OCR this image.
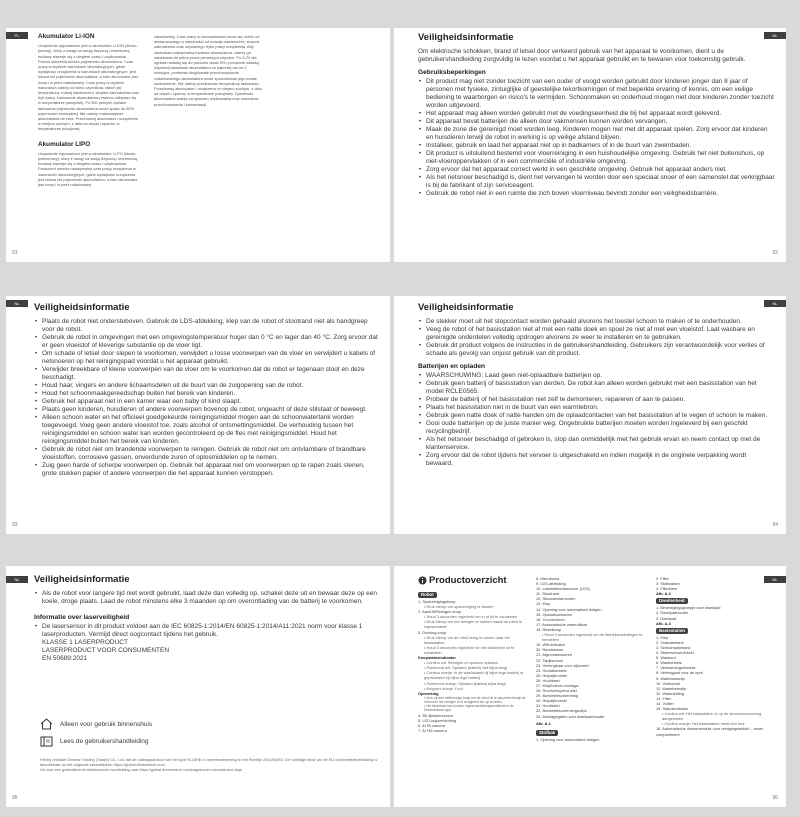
PL	Akumulator Li-ION
Urządzenie wyposażone jest w akumulator Li-ION (litowo-jonowy), który z uwagi na swoją fizyczną i chemiczną budowę starzeje się z biegiem czasu i użytkowania. Proces starzenia obniża pojemność akumulatora. Czas pracy w ciężkich warunkach laboratoryjnych, gdzie wydajność urządzenia w warunkach laboratoryjnych, jest niższa niż pojemność akumulatora, a sam akumulator jest nowy i w pełni naładowany. Czas pracy w ciężkich warunkach zależy od wielu czynników, takich jak temperatura, rodzaj nawierzchni, stopień zabrudzenia oraz tryb pracy. Ładowanie akumulatora powinno odbywać się w temperaturze pokojowej. Po 500 pełnych cyklach ładowania pojemność akumulatora może spaść do 50% pojemności nominalnej. Nie należy rozładowywać akumulatora do zera. Przechowuj akumulator i urządzenie w miejscu suchym, z dala od ciepła i oparów, w temperaturze pokojowej.
Akumulator LIPO
Urządzenie wyposażone jest w akumulator Li-PO (litowo-polimerowy), który z uwagi na swoją fizyczną i chemiczną budowę starzeje się z biegiem czasu i użytkowania. Producent określa maksymalny czas pracy urządzenia w warunkach laboratoryjnych, gdzie wydajność urządzenia jest niższa niż pojemność akumulatora, a sam akumulator jest nowy i w pełni naładowany.
naładowany. Czas pracy w rzeczywistości może się różnić od deklarowanego w zależności od rodzaju nawierzchni, stopnia zabrudzenia oraz używanego trybu pracy urządzenia. Aby zachować maksymalną trwałość akumulatora, należy go naładować do pełna przed pierwszym użyciem. Po 3,2V dla ogniwa rozładuj się do poziomu około 5% i ponownie naładuj. Zapewnij ładowanie akumulatora co najmniej raz na 3 miesiące, ponieważ długotrwałe przechowywanie rozładowanego akumulatora może spowodować jego trwałe uszkodzenie. Nie należy przekraczać temperatury ładowania. Przechowuj akumulator i urządzenie w miejscu suchym, z dala od ciepła i oparów, w temperaturze pokojowej. Żywotność akumulatora zależy od sposobu użytkowania oraz warunków przechowywania i konserwacji.
91
NL
Veiligheidsinformatie

Om elektrische schokken, brand of letsel door verkeerd gebruik van het apparaat te voorkomen, dient u de gebruikershandleiding zorgvuldig te lezen voordat u het apparaat gebruikt en te bewaren voor toekomstig gebruik.

Gebruiksbeperkingen
• Dit product mag niet zonder toezicht van een ouder of voogd worden gebruikt door kinderen jonger dan 8 jaar of personen met fysieke, zintuiglijke of geestelijke tekortkomingen of met beperkte ervaring of kennis, om een veilige bediening te waarborgen en risico's te vermijden. Schoonmaken en onderhoud mogen niet door kinderen zonder toezicht worden uitgevoerd.
• Het apparaat mag alleen worden gebruikt met de voedingseenheid die bij het apparaat wordt geleverd.
• Dit apparaat bevat batterijen die alleen door vakmensen kunnen worden vervangen.
• Maak de zone die gereinigd moet worden leeg. Kinderen mogen niet met dit apparaat spelen. Zorg ervoor dat kinderen en huisdieren terwijl de robot in werking is op veilige afstand blijven.
• Installeer, gebruik en laad het apparaat niet op in badkamers of in de buurt van zwembaden.
• Dit product is uitsluitend bestemd voor vloerreiniging in een huishoudelijke omgeving. Gebruik het niet buitenshuis, op niet-vloeroppervlakken of in een commerciële of industriële omgeving.
• Zorg ervoor dat het apparaat correct werkt in een geschikte omgeving. Gebruik het apparaat anders niet.
• Als het netsnoer beschadigd is, dient het vervangen te worden door een speciaal snoer of een samenstel dat verkrijgbaar is bij de fabrikant of zijn serviceagent.
• Gebruik de robot niet in een ruimte die zich boven vloerniveau bevindt zonder een veiligheidsbarrière.
92
NL	Veiligheidsinformatie
• Plaats de robot niet ondersteboven. Gebruik de LDS-afdekking, klep van de robot of stootrand niet als handgreep voor de robot.
• Gebruik de robot in omgevingen met een omgevingstemperatuur hoger dan 0 °C en lager dan 40 °C. Zorg ervoor dat er geen vloeistof of kleverige substantie op de vloer ligt.
• Om schade of letsel door slepen te voorkomen, verwijdert u losse voorwerpen van de vloer en verwijdert u kabels of netsnoeren op het reinigingspad voordat u het apparaat gebruikt.
• Verwijder breekbare of kleine voorwerpen van de vloer om te voorkomen dat de robot er tegenaan stoot en deze beschadigt.
• Houd haar, vingers en andere lichaamsdelen uit de buurt van de zuigopening van de robot.
• Houd het schoonmaakgereedschap buiten het bereik van kinderen.
• Gebruik het apparaat niet in een kamer waar een baby of kind slaapt.
• Plaats geen kinderen, huisdieren of andere voorwerpen bovenop de robot, ongeacht of deze stilstaat of beweegt.
• Alleen schoon water en het officieel goedgekeurde reinigingsmiddel mogen aan de schoonwatertank worden toegevoegd. Voeg geen andere vloeistof toe, zoals alcohol of ontsmettingsmiddel. De verhouding tussen het reinigingsmiddel en schoon water kan worden gecontroleerd op de fles met reinigingsmiddel. Houd het reinigingsmiddel buiten het bereik van kinderen.
• Gebruik de robot niet om brandende voorwerpen te reinigen. Gebruik de robot niet om ontvlambare of brandbare vloeistoffen, corrosieve gassen, onverdunde zuren of oplosmiddelen op te nemen.
• Zuig geen harde of scherpe voorwerpen op. Gebruik het apparaat niet om voorwerpen op te rapen zoals stenen, grote stukken papier of andere voorwerpen die het apparaat kunnen verstoppen.
93
NL
Veiligheidsinformatie
• De stekker moet uit het stopcontact worden gehaald alvorens het toestel schoon te maken of te onderhouden.
• Veeg de robot of het basisstation niet af met een natte doek en spoel ze niet af met een vloeistof. Laat wasbare en gereinigde onderdelen volledig opdrogen alvorens ze weer te installeren en te gebruiken.
• Gebruik dit product volgens de instructies in de gebruikershandleiding. Gebruikers zijn verantwoordelijk voor verlies of schade als gevolg van onjuist gebruik van dit product.
Batterijen en opladen
• WAARSCHUWING: Laad geen niet-oplaadbare batterijen op.
• Gebruik geen batterij of basisstation van derden. De robot kan alleen worden gebruikt met een basisstation van het model RCLE0565.
• Probeer de batterij of het basisstation niet zelf te demonteren, repareren of aan te passen.
• Plaats het basisstation niet in de buurt van een warmtebron.
• Gebruik geen natte doek of natte handen om de oplaadcontacten van het basisstation af te vegen of schoon te maken.
• Gooi oude batterijen op de juiste manier weg. Ongebruikte batterijen moeten worden ingeleverd bij een geschikt recyclingbedrijf.
• Als het netsnoer beschadigd of gebroken is, stop dan onmiddellijk met het gebruik ervan en neem contact op met de klantenservice.
• Zorg ervoor dat de robot tijdens het vervoer is uitgeschakeld en indien mogelijk in de originele verpakking wordt bewaard.
94
NL	Veiligheidsinformatie
• Als de robot voor langere tijd niet wordt gebruikt, laad deze dan volledig op, schakel deze uit en bewaar deze op een koele, droge plaats. Laad de robot minstens elke 3 maanden op om overontlading van de batterij te voorkomen.
Informatie over laserveiligheid
• De lasersensor in dit product voldoet aan de IEC 60825-1:2014/EN 60825-1:2014/A11:2021 norm voor klasse 1 laserproducten. Vermijd direct oogcontact tijdens het gebruik.
KLASSE 1 LASERPRODUCT
LASERPRODUCT VOOR CONSUMENTEN
EN 50689:2021
Alleen voor gebruik binnenshuis
Lees de gebruikershandleiding
Hierbij verklaart Dreame Trading (Tianjin) Co., Ltd. dat de radioapparatuur van het type RLL8HE in overeenstemming is met Richtlijn 2014/53/EU. De volledige tekst van de EU-conformiteitsverklaring is beschikbaar op het volgende internetadres: https://global.dreametech.com
Ga voor een gedetailleerde elektronische handleiding naar https://global.dreametech.com/pages/user-manuals-and-faqs
95
NL
Productoverzicht
Robot
1. Spotreinigingsknop
• Druk hierop om spotreiniging te starten
2. Aan/Uit/Reinigen-knop
• Houd 3 seconden ingedrukt om in of uit te schakelen
• Druk hierop om het reinigen te starten nadat de robot is ingeschakeld
3. Docking-knop
• Druk hierop om de robot terug te sturen naar het basisstation
• Houd 3 seconden ingedrukt om het kinderslot uit te schakelen
Knopstatusindicator
• Continu wit: Reinigen of opnieuw opladen
• Pulserend wit: Opladen (batterij niet bijna leeg)
• Continu oranje: In de wachtstand bij bijna lege batterij of gepauzeerd bij bijna lege batterij
• Pulserend oranje: Opladen (batterij bijna leeg)
• Knippert oranje: Fout
Opmerking
• Druk op een willekeurige knop om de robot uit te pauzeren terwijl de robot aan het reinigen is of terugkeert om op te laden.
• Het kinderslot kan worden ingeschakeld/uitgeschakeld in de Dreamehome-app.
4. 3D-lijnlasersensor
5. LED-hulpverlichting
6. AI IR-camera
7. AI HD-camera
8. Microfoons
9. LDS-afdekking
10. Laserafstandssensor (LDS)
11. Stootrand
12. Stootrandsensoren
13. Klep
14. Opening voor automatisch ledigen
15. Oplaadcontacten
16. Connectoren
17. Automatische wateruitlaat
18. Resetknop
• Houd 3 seconden ingedrukt om de fabrieksinstellingen te herstellen
19. Wifi-indicator
20. Randsensor
21. Afgrondsensoren
22. Tapijtsensor
23. Verlengbaar voor zijborstel
24. Hoofdborstels
25. Hulpzijbroesel
26. Hoofdwiel
27. MopExtend-montage
28. Rondomlopend wiel
29. Borstelbeschernmng
30. Hulpzijbroesel
31. Hoofdwiel
32. Borstelbeschermingsclips
33. Montagegaten voor dweilpadhouder
Afb. A-1
Stofbak
1. Opening voor automatisch ledigen
2. Filter
3. Stofbakken
4. Filterklem
Afb. A-2
Dweilenheid
1. Bevestigingsgroepje voor dweilpad
2. Dweilpadhouder
3. Dweilpad
Afb. A-3
Basisstation
1. Klep
2. Vuilwatertank
3. Schoonwatertank
4. Stofreservoirdeksel
5. Wasbord
6. Wasborstels
7. Verwarmingsmodule
8. Verlengpad voor de oprit
9. Waterlaarsclip
10. Vloiborbal
11. Waterbernstip
12. Waterleiding
13. Filter
14. Vlotter
15. Statusindicator
• Continu wit: Het basisstation is op de stroomvoorziening aangesloten
• Continu oranje: Het basisstation heeft een fout
16. Automatische doseermodule voor reinigingsmiddel – enkel compartiment
96
